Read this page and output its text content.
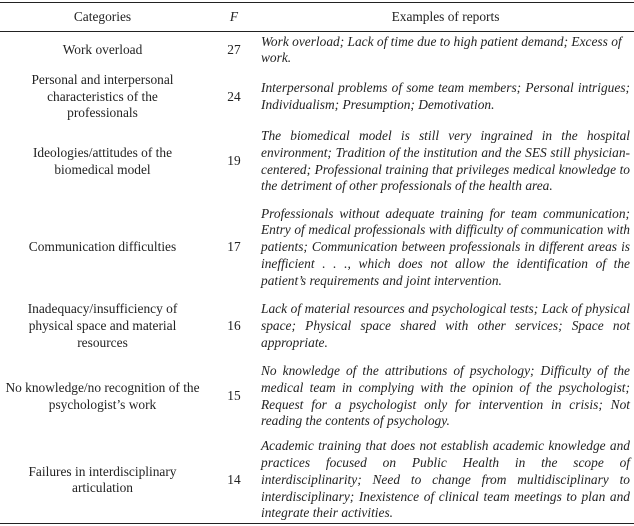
Categories	F	Examples of reports
Work overload	27	Work overload; Lack of time due to high patient demand; Excess of work.
Personal and interpersonal characteristics of the professionals	24	Interpersonal problems of some team members; Personal intrigues; Individualism; Presumption; Demotivation.
Ideologies/attitudes of the biomedical model	19	The biomedical model is still very ingrained in the hospital environment; Tradition of the institution and the SES still physician-centered; Professional training that privileges medical knowledge to the detriment of other professionals of the health area.
Communication difficulties	17	Professionals without adequate training for team communication; Entry of medical professionals with difficulty of communication with patients; Communication between professionals in different areas is inefficient . . ., which does not allow the identification of the patient’s requirements and joint intervention.
Inadequacy/insufficiency of physical space and material resources	16	Lack of material resources and psychological tests; Lack of physical space; Physical space shared with other services; Space not appropriate.
No knowledge/no recognition of the psychologist’s work	15	No knowledge of the attributions of psychology; Difficulty of the medical team in complying with the opinion of the psychologist; Request for a psychologist only for intervention in crisis; Not reading the contents of psychology.
Failures in interdisciplinary articulation	14	Academic training that does not establish academic knowledge and practices focused on Public Health in the scope of interdisciplinarity; Need to change from multidisciplinary to interdisciplinary; Inexistence of clinical team meetings to plan and integrate their activities.
